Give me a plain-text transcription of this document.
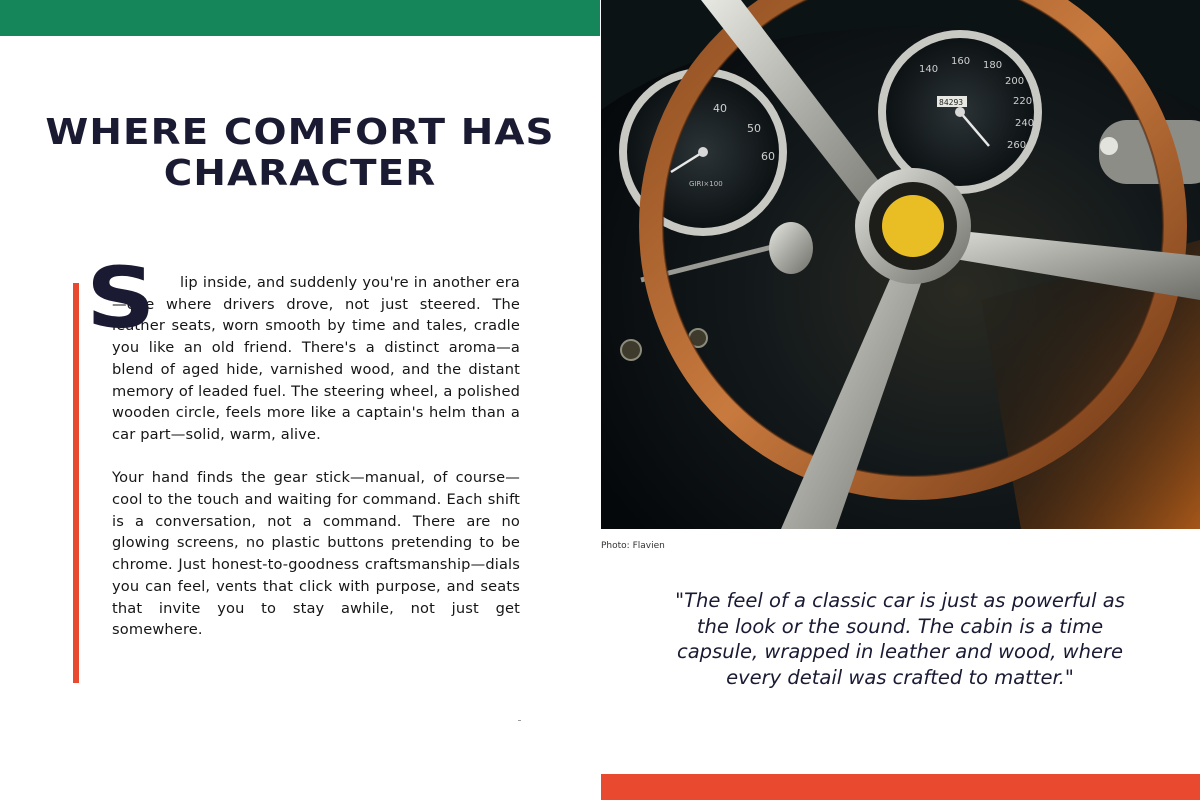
WHERE COMFORT HAS CHARACTER
S	lip inside, and suddenly you're in another era—one where drivers drove, not just steered. The leather seats, worn smooth by time and tales, cradle you like an old friend. There's a distinct aroma—a blend of aged hide, varnished wood, and the distant memory of leaded fuel. The steering wheel, a polished wooden circle, feels more like a captain's helm than a car part—solid, warm, alive.

Your hand finds the gear stick—manual, of course—cool to the touch and waiting for command. Each shift is a conversation, not a command. There are no glowing screens, no plastic buttons pretending to be chrome. Just honest-to-goodness craftsmanship—dials you can feel, vents that click with purpose, and seats that invite you to stay awhile, not just get somewhere.

40
50
60
GIRI×100
140
160 180
200
220
240
260
84293
Photo: Flavien

"The feel of a classic car is just as powerful as the look or the sound. The cabin is a time capsule, wrapped in leather and wood, where every detail was crafted to matter."
